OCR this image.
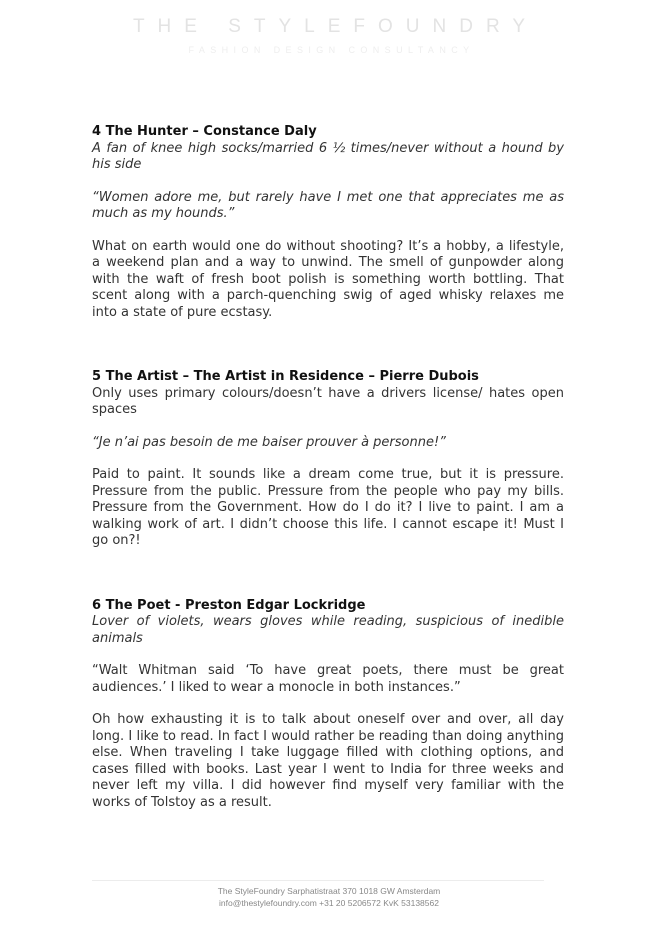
THE STYLEFOUNDRY
FASHION DESIGN CONSULTANCY

4 The Hunter – Constance Daly

A fan of knee high socks/married 6 ½ times/never without a hound by his side

“Women adore me, but rarely have I met one that appreciates me as much as my hounds.”

What on earth would one do without shooting? It’s a hobby, a lifestyle, a weekend plan and a way to unwind. The smell of gunpowder along with the waft of fresh boot polish is something worth bottling. That scent along with a parch-quenching swig of aged whisky relaxes me into a state of pure ecstasy.

5 The Artist – The Artist in Residence – Pierre Dubois

Only uses primary colours/doesn’t have a drivers license/ hates open spaces

“Je n’ai pas besoin de me baiser prouver à personne!”

Paid to paint. It sounds like a dream come true, but it is pressure. Pressure from the public. Pressure from the people who pay my bills. Pressure from the Government. How do I do it? I live to paint. I am a walking work of art. I didn’t choose this life. I cannot escape it! Must I go on?!

6 The Poet - Preston Edgar Lockridge

Lover of violets, wears gloves while reading, suspicious of inedible animals

“Walt Whitman said ‘To have great poets, there must be great audiences.’ I liked to wear a monocle in both instances.”

Oh how exhausting it is to talk about oneself over and over, all day long. I like to read. In fact I would rather be reading than doing anything else. When traveling I take luggage filled with clothing options, and cases filled with books. Last year I went to India for three weeks and never left my villa. I did however find myself very familiar with the works of Tolstoy as a result.

The StyleFoundry Sarphatistraat 370 1018 GW Amsterdam
info@thestylefoundry.com +31 20 5206572 KvK 53138562
